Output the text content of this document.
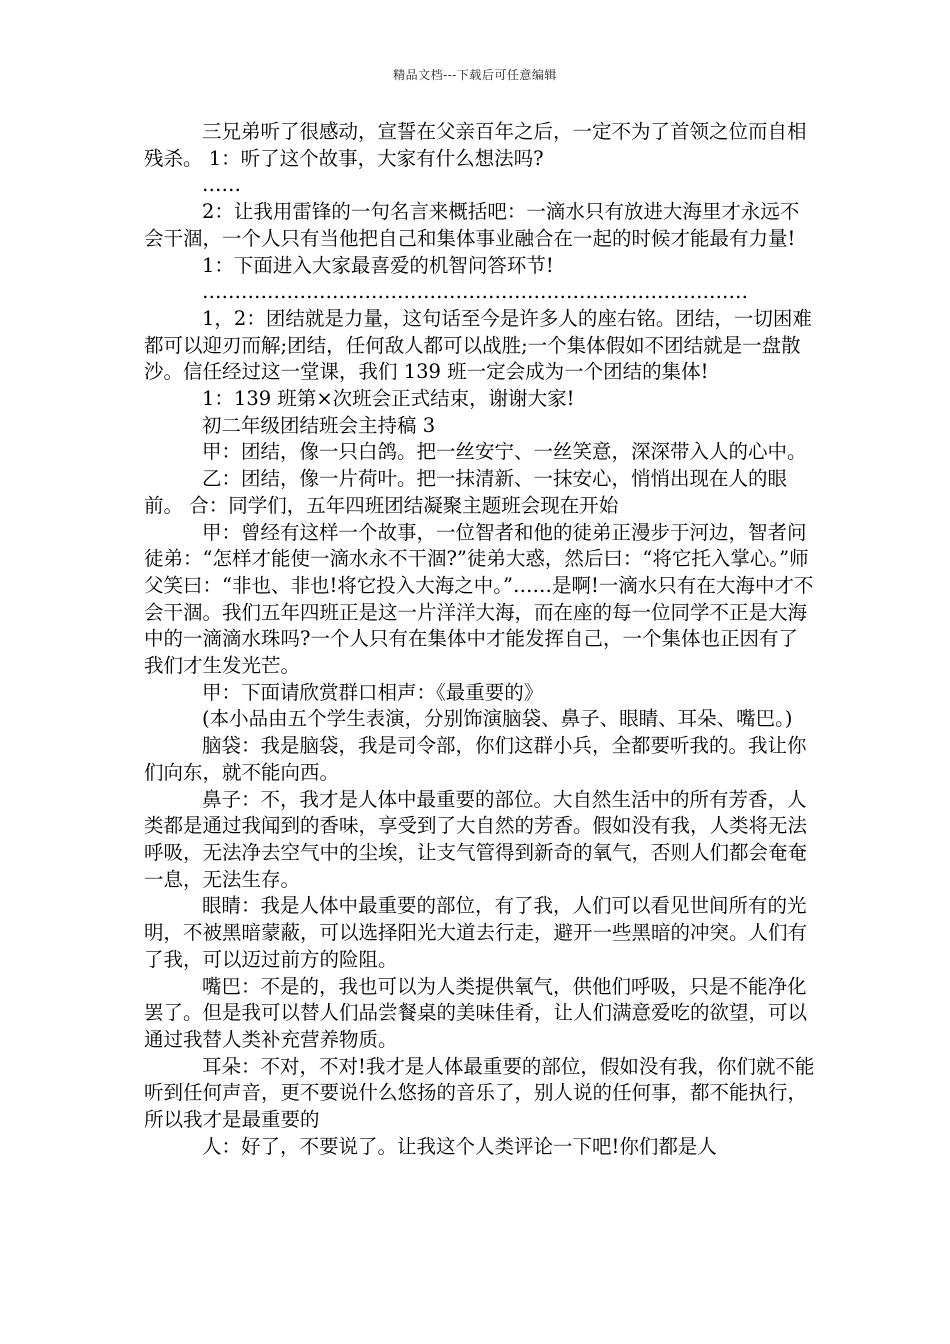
精品文档---下载后可任意编辑

三兄弟听了很感动，宣誓在父亲百年之后，一定不为了首领之位而自相残杀。 1：听了这个故事，大家有什么想法吗?

……

2：让我用雷锋的一句名言来概括吧：一滴水只有放进大海里才永远不会干涸，一个人只有当他把自己和集体事业融合在一起的时候才能最有力量!

1：下面进入大家最喜爱的机智问答环节!

…………………………………………………………………………

1，2：团结就是力量，这句话至今是许多人的座右铭。团结，一切困难都可以迎刃而解;团结，任何敌人都可以战胜;一个集体假如不团结就是一盘散沙。信任经过这一堂课，我们 139 班一定会成为一个团结的集体!

1：139 班第×次班会正式结束，谢谢大家!

初二年级团结班会主持稿 3

甲：团结，像一只白鸽。把一丝安宁、一丝笑意，深深带入人的心中。

乙：团结，像一片荷叶。把一抹清新、一抹安心，悄悄出现在人的眼前。 合：同学们，五年四班团结凝聚主题班会现在开始

甲：曾经有这样一个故事，一位智者和他的徒弟正漫步于河边，智者问徒弟：“怎样才能使一滴水永不干涸?”徒弟大惑，然后曰：“将它托入掌心。”师父笑曰：“非也、非也!将它投入大海之中。”……是啊!一滴水只有在大海中才不会干涸。我们五年四班正是这一片洋洋大海，而在座的每一位同学不正是大海中的一滴滴水珠吗?一个人只有在集体中才能发挥自己，一个集体也正因有了我们才生发光芒。

甲：下面请欣赏群口相声：《最重要的》

(本小品由五个学生表演，分别饰演脑袋、鼻子、眼睛、耳朵、嘴巴。)

脑袋：我是脑袋，我是司令部，你们这群小兵，全都要听我的。我让你们向东，就不能向西。

鼻子：不，我才是人体中最重要的部位。大自然生活中的所有芳香，人类都是通过我闻到的香味，享受到了大自然的芳香。假如没有我，人类将无法呼吸，无法净去空气中的尘埃，让支气管得到新奇的氧气，否则人们都会奄奄一息，无法生存。

眼睛：我是人体中最重要的部位，有了我，人们可以看见世间所有的光明，不被黑暗蒙蔽，可以选择阳光大道去行走，避开一些黑暗的冲突。人们有了我，可以迈过前方的险阻。

嘴巴：不是的，我也可以为人类提供氧气，供他们呼吸，只是不能净化罢了。但是我可以替人们品尝餐桌的美味佳肴，让人们满意爱吃的欲望，可以通过我替人类补充营养物质。

耳朵：不对，不对!我才是人体最重要的部位，假如没有我，你们就不能听到任何声音，更不要说什么悠扬的音乐了，别人说的任何事，都不能执行，所以我才是最重要的

人：好了，不要说了。让我这个人类评论一下吧!你们都是人
